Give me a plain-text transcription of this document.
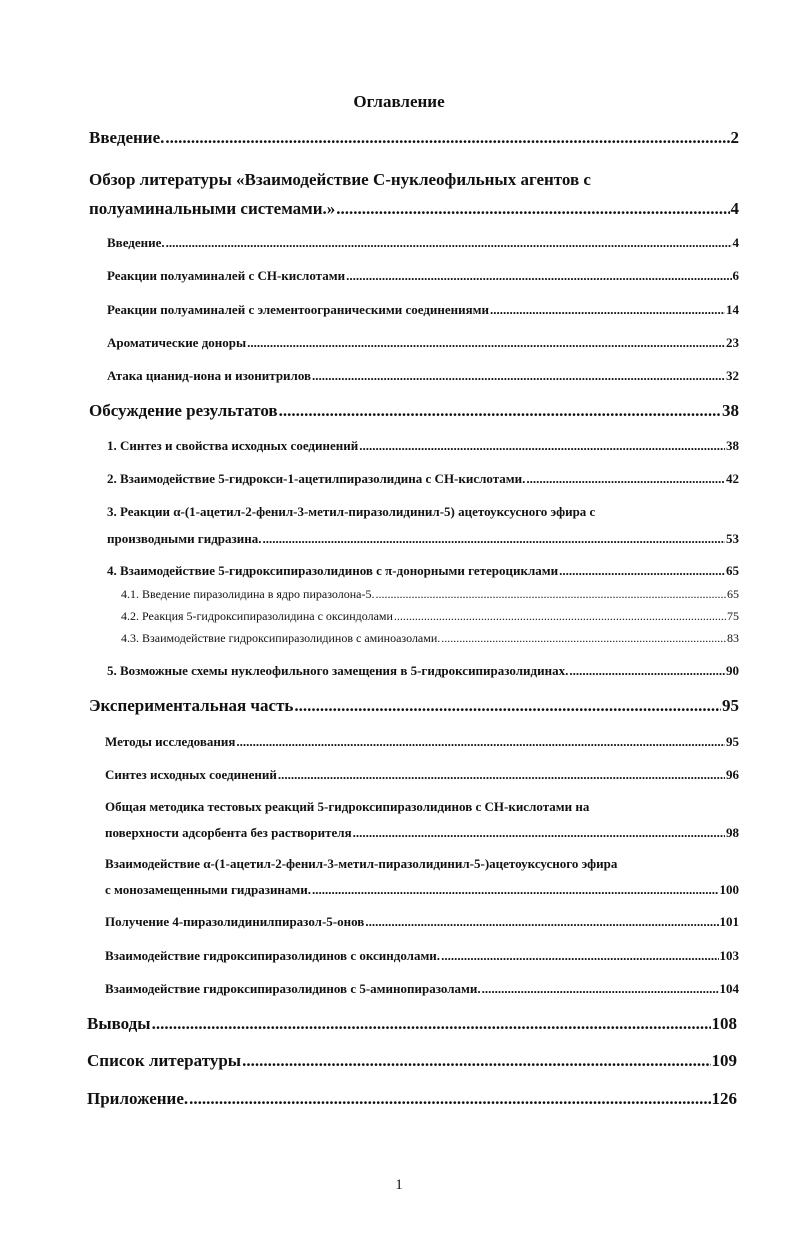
Оглавление
Введение. .....	2
Обзор литературы «Взаимодействие С-нуклеофильных агентов с
полуаминальными системами.» .....	4
Введение. .....	4
Реакции полуаминалей с СН-кислотами .....	6
Реакции полуаминалей с элементоограническими соединениями .....	14
Ароматические доноры .....	23
Атака цианид-иона и изонитрилов .....	32
Обсуждение результатов .....	38
1. Синтез и свойства исходных соединений .....	38
2. Взаимодействие 5-гидрокси-1-ацетилпиразолидина с СН-кислотами. .....	42
3. Реакции α-(1-ацетил-2-фенил-3-метил-пиразолидинил-5) ацетоуксусного эфира с
производными гидразина. .....	53
4. Взаимодействие 5-гидроксипиразолидинов с π-донорными гетероциклами .....	65
4.1. Введение пиразолидина в ядро пиразолона-5. .....	65
4.2. Реакция 5-гидроксипиразолидина с оксиндолами .....	75
4.3. Взаимодействие гидроксипиразолидинов с аминоазолами. .....	83
5. Возможные схемы нуклеофильного замещения в 5-гидроксипиразолидинах. .....	90
Экспериментальная часть .....	95
Методы исследования .....	95
Синтез исходных соединений .....	96
Общая методика тестовых реакций 5-гидроксипиразолидинов с СН-кислотами на
поверхности адсорбента без растворителя .....	98
Взаимодействие α-(1-ацетил-2-фенил-3-метил-пиразолидинил-5-)ацетоуксусного эфира
с монозамещенными гидразинами. .....	100
Получение 4-пиразолидинилпиразол-5-онов .....	101
Взаимодействие гидроксипиразолидинов с оксиндолами. .....	103
Взаимодействие гидроксипиразолидинов с 5-аминопиразолами. .....	104
Выводы .....	108
Список литературы .....	109
Приложение. .....	126
1
